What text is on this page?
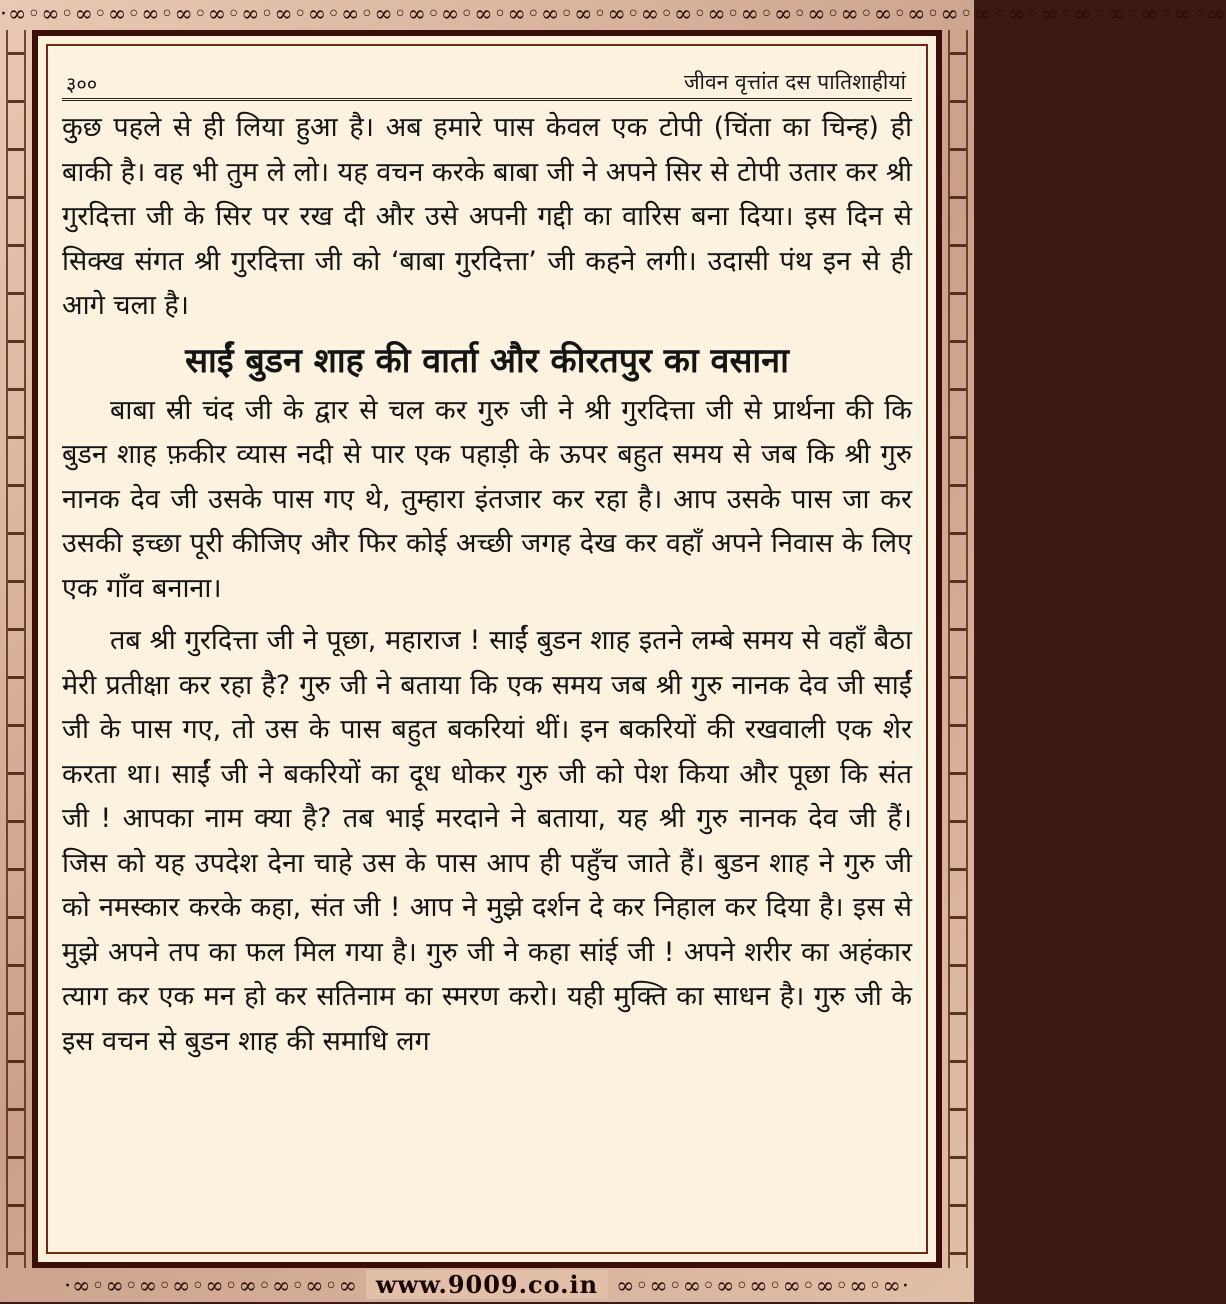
·∞◦∞◦∞◦∞◦∞◦∞◦∞◦∞◦∞◦∞◦∞◦∞◦∞◦∞◦∞◦∞◦∞◦∞◦∞◦∞◦∞◦∞◦∞◦∞◦∞◦∞◦∞◦∞◦∞◦∞◦∞◦∞◦∞◦∞◦∞◦∞◦∞
३००	जीवन वृत्तांत दस पातिशाहीयां

कुछ पहले से ही लिया हुआ है। अब हमारे पास केवल एक टोपी (चिंता का चिन्ह) ही बाकी है। वह भी तुम ले लो। यह वचन करके बाबा जी ने अपने सिर से टोपी उतार कर श्री गुरदित्ता जी के सिर पर रख दी और उसे अपनी गद्दी का वारिस बना दिया। इस दिन से सिक्ख संगत श्री गुरदित्ता जी को ‘बाबा गुरदित्ता’ जी कहने लगी। उदासी पंथ इन से ही आगे चला है।

साईं बुडन शाह की वार्ता और कीरतपुर का वसाना

बाबा स्री चंद जी के द्वार से चल कर गुरु जी ने श्री गुरदित्ता जी से प्रार्थना की कि बुडन शाह फ़कीर व्यास नदी से पार एक पहाड़ी के ऊपर बहुत समय से जब कि श्री गुरु नानक देव जी उसके पास गए थे, तुम्हारा इंतजार कर रहा है। आप उसके पास जा कर उसकी इच्छा पूरी कीजिए और फिर कोई अच्छी जगह देख कर वहाँ अपने निवास के लिए एक गाँव बनाना।

तब श्री गुरदित्ता जी ने पूछा, महाराज ! साईं बुडन शाह इतने लम्बे समय से वहाँ बैठा मेरी प्रतीक्षा कर रहा है? गुरु जी ने बताया कि एक समय जब श्री गुरु नानक देव जी साईं जी के पास गए, तो उस के पास बहुत बकरियां थीं। इन बकरियों की रखवाली एक शेर करता था। साईं जी ने बकरियों का दूध धोकर गुरु जी को पेश किया और पूछा कि संत जी ! आपका नाम क्या है? तब भाई मरदाने ने बताया, यह श्री गुरु नानक देव जी हैं। जिस को यह उपदेश देना चाहे उस के पास आप ही पहुँच जाते हैं। बुडन शाह ने गुरु जी को नमस्कार करके कहा, संत जी ! आप ने मुझे दर्शन दे कर निहाल कर दिया है। इस से मुझे अपने तप का फल मिल गया है। गुरु जी ने कहा सांई जी ! अपने शरीर का अहंकार त्याग कर एक मन हो कर सतिनाम का स्मरण करो। यही मुक्ति का साधन है। गुरु जी के इस वचन से बुडन शाह की समाधि लग

·∞◦∞◦∞◦∞◦∞◦∞◦∞◦∞◦∞ www.9009.co.in ∞◦∞◦∞◦∞◦∞◦∞◦∞◦∞◦∞·
